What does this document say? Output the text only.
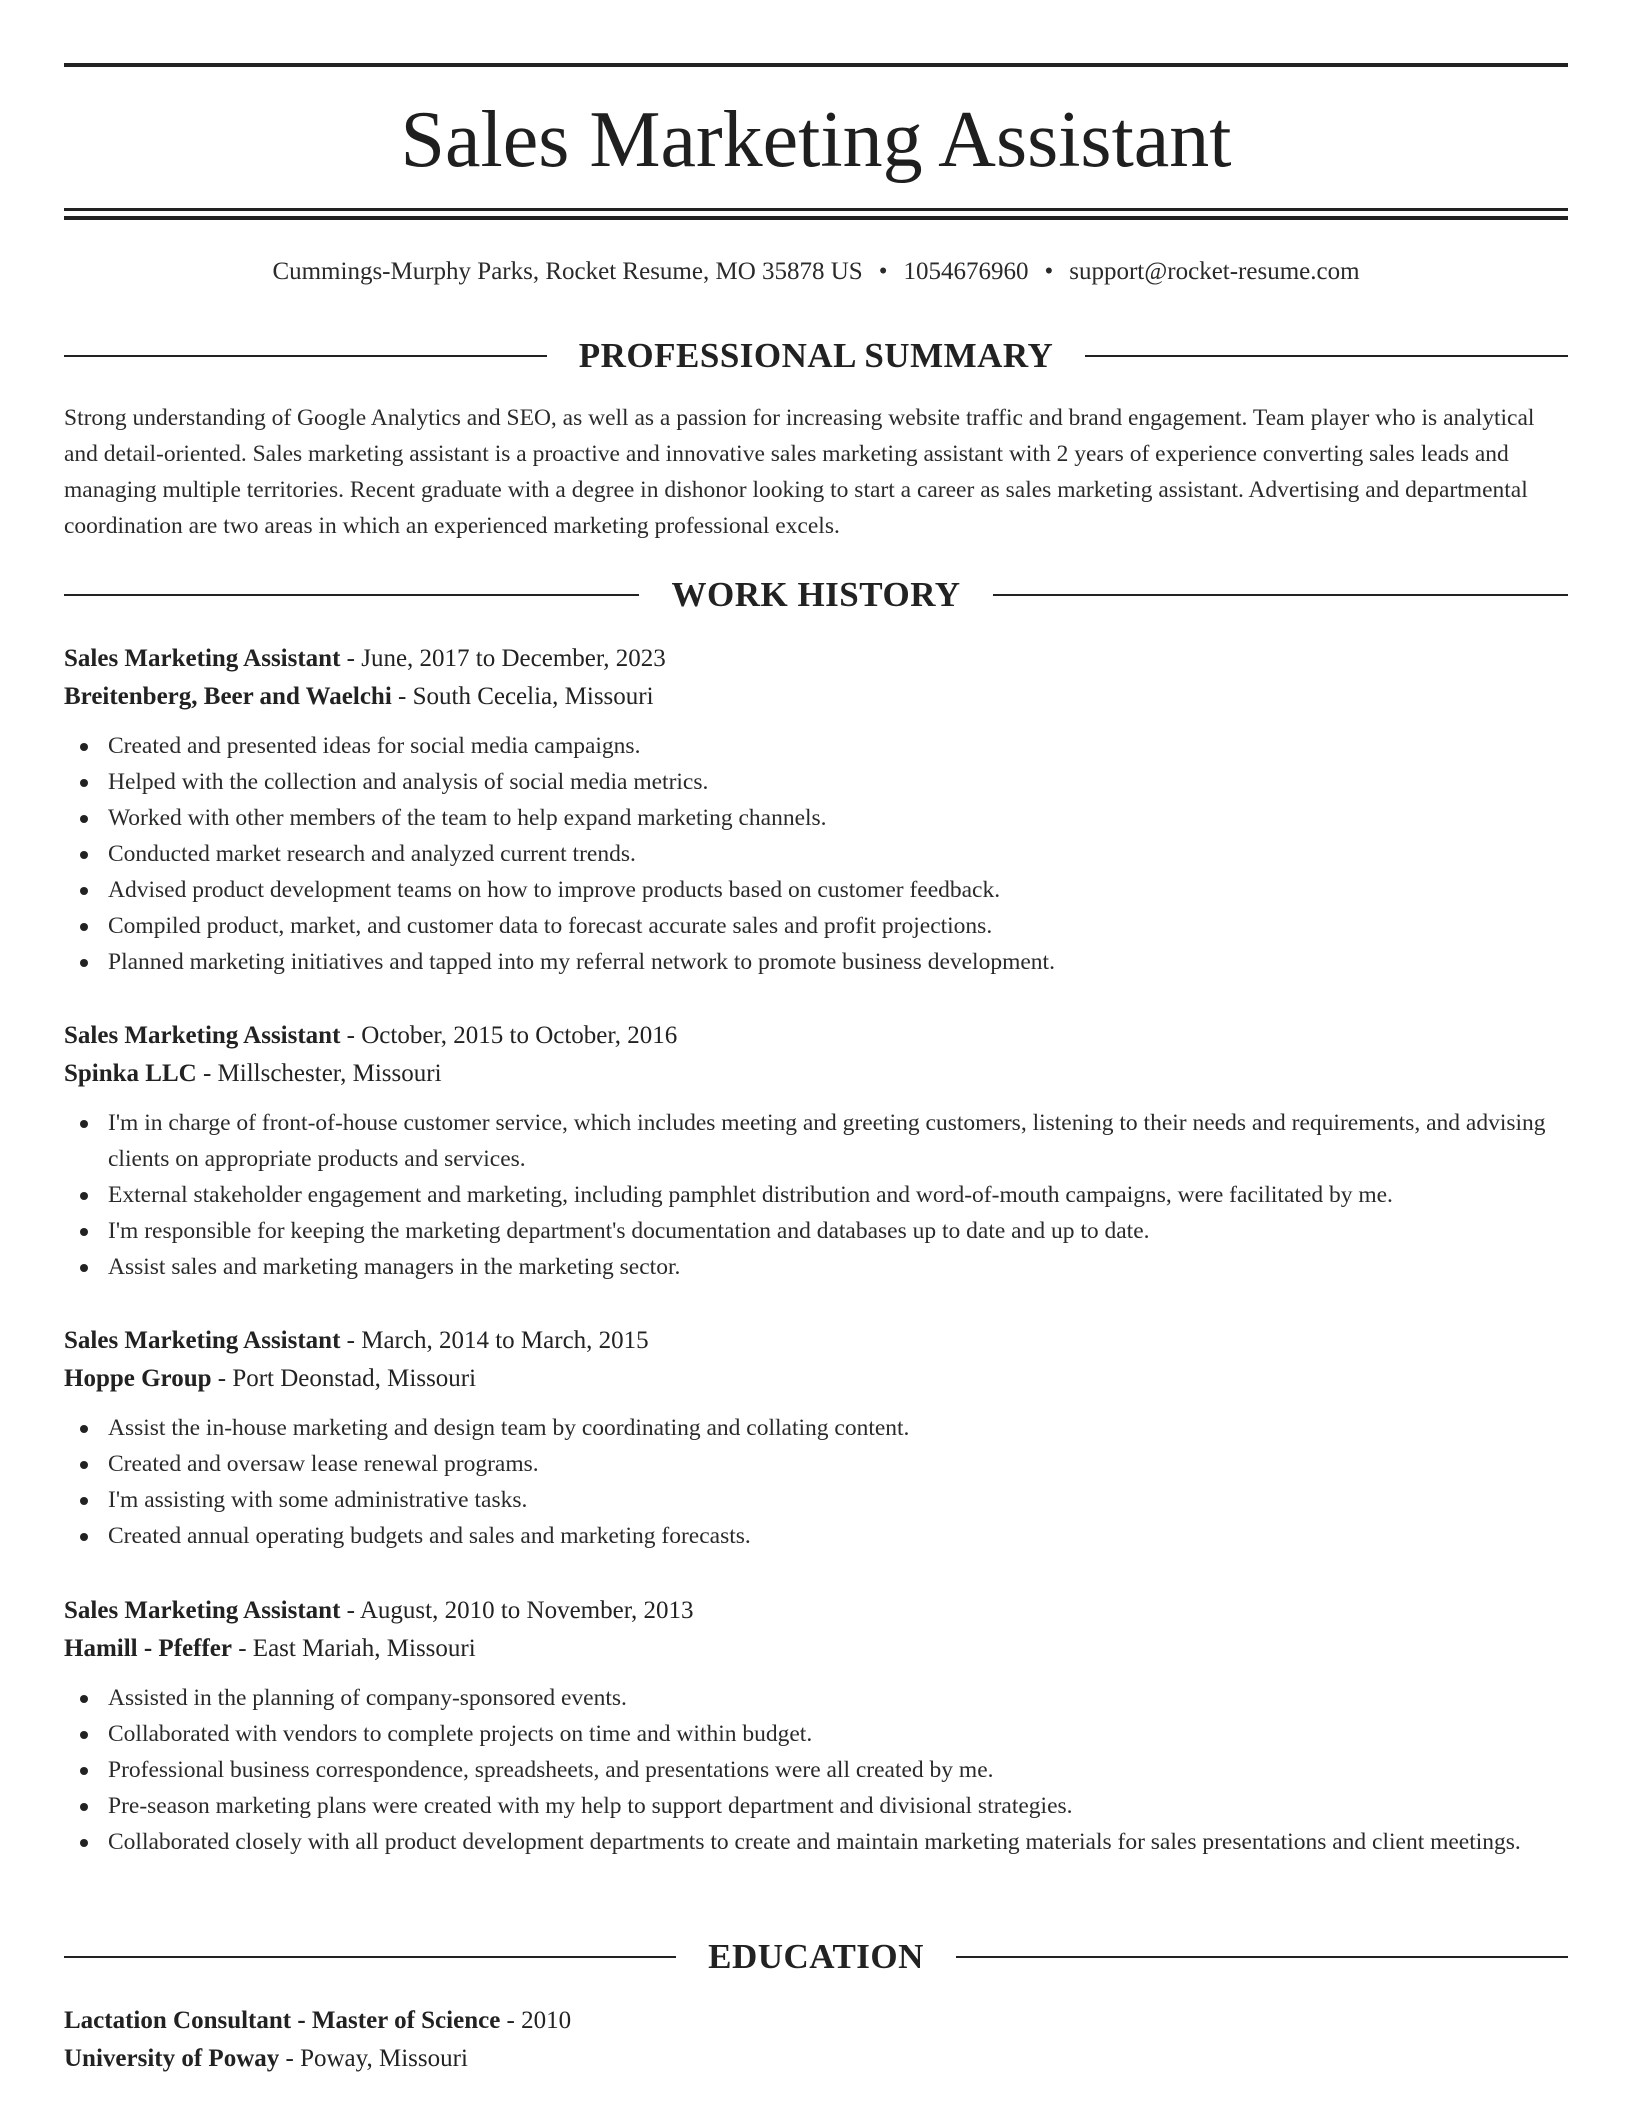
Sales Marketing Assistant
Cummings-Murphy Parks, Rocket Resume, MO 35878 US • 1054676960 • support@rocket-resume.com
PROFESSIONAL SUMMARY

Strong understanding of Google Analytics and SEO, as well as a passion for increasing website traffic and brand engagement. Team player who is analytical and detail-oriented. Sales marketing assistant is a proactive and innovative sales marketing assistant with 2 years of experience converting sales leads and managing multiple territories. Recent graduate with a degree in dishonor looking to start a career as sales marketing assistant. Advertising and departmental coordination are two areas in which an experienced marketing professional excels.

WORK HISTORY
Sales Marketing Assistant - June, 2017 to December, 2023
Breitenberg, Beer and Waelchi - South Cecelia, Missouri
Created and presented ideas for social media campaigns.
Helped with the collection and analysis of social media metrics.
Worked with other members of the team to help expand marketing channels.
Conducted market research and analyzed current trends.
Advised product development teams on how to improve products based on customer feedback.
Compiled product, market, and customer data to forecast accurate sales and profit projections.
Planned marketing initiatives and tapped into my referral network to promote business development.
Sales Marketing Assistant - October, 2015 to October, 2016
Spinka LLC - Millschester, Missouri
I'm in charge of front-of-house customer service, which includes meeting and greeting customers, listening to their needs and requirements, and advising clients on appropriate products and services.
External stakeholder engagement and marketing, including pamphlet distribution and word-of-mouth campaigns, were facilitated by me.
I'm responsible for keeping the marketing department's documentation and databases up to date and up to date.
Assist sales and marketing managers in the marketing sector.
Sales Marketing Assistant - March, 2014 to March, 2015
Hoppe Group - Port Deonstad, Missouri
Assist the in-house marketing and design team by coordinating and collating content.
Created and oversaw lease renewal programs.
I'm assisting with some administrative tasks.
Created annual operating budgets and sales and marketing forecasts.
Sales Marketing Assistant - August, 2010 to November, 2013
Hamill - Pfeffer - East Mariah, Missouri
Assisted in the planning of company-sponsored events.
Collaborated with vendors to complete projects on time and within budget.
Professional business correspondence, spreadsheets, and presentations were all created by me.
Pre-season marketing plans were created with my help to support department and divisional strategies.
Collaborated closely with all product development departments to create and maintain marketing materials for sales presentations and client meetings.
EDUCATION
Lactation Consultant - Master of Science - 2010
University of Poway - Poway, Missouri
